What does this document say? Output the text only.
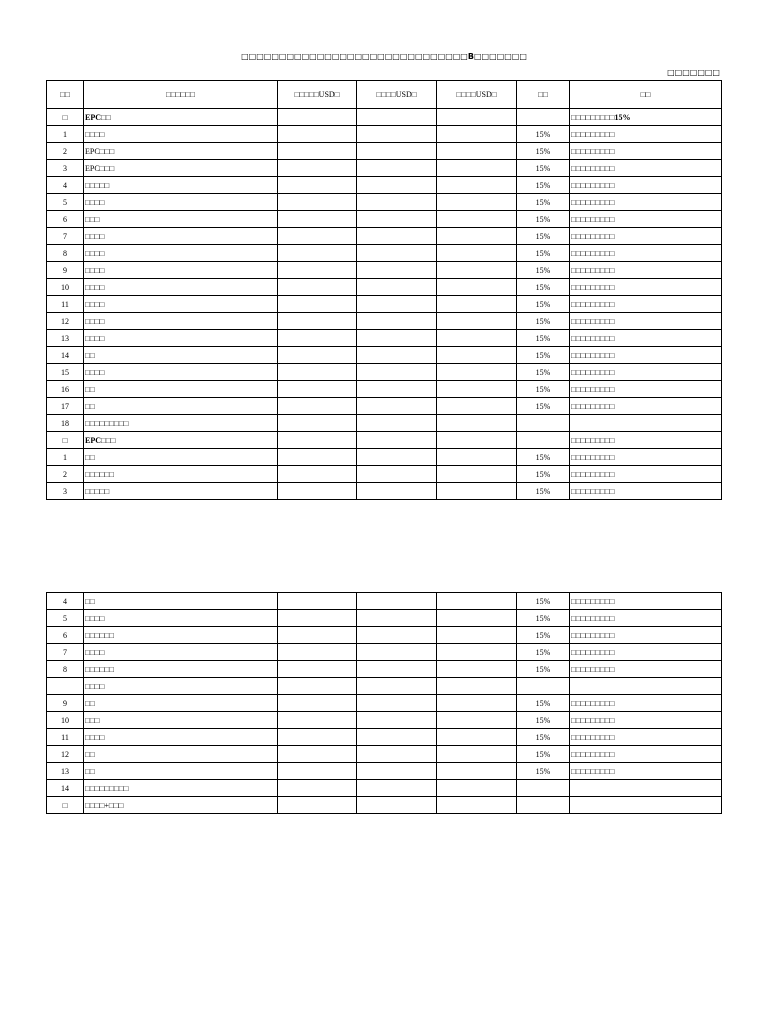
□□□□□□□□□□□□□□□□□□□□□□□□□□□□□□B□□□□□□□
□□□□□□□
□□	□□□□□□	□□□□□USD□	□□□□USD□	□□□□USD□	□□	□□
□	EPC□□					□□□□□□□□□15%
1	□□□□				15%	□□□□□□□□□
2	EPC□□□				15%	□□□□□□□□□
3	EPC□□□				15%	□□□□□□□□□
4	□□□□□				15%	□□□□□□□□□
5	□□□□				15%	□□□□□□□□□
6	□□□				15%	□□□□□□□□□
7	□□□□				15%	□□□□□□□□□
8	□□□□				15%	□□□□□□□□□
9	□□□□				15%	□□□□□□□□□
10	□□□□				15%	□□□□□□□□□
11	□□□□				15%	□□□□□□□□□
12	□□□□				15%	□□□□□□□□□
13	□□□□				15%	□□□□□□□□□
14	□□				15%	□□□□□□□□□
15	□□□□				15%	□□□□□□□□□
16	□□				15%	□□□□□□□□□
17	□□				15%	□□□□□□□□□
18	□□□□□□□□□					
□	EPC□□□					□□□□□□□□□
1	□□				15%	□□□□□□□□□
2	□□□□□□				15%	□□□□□□□□□
3	□□□□□				15%	□□□□□□□□□
4	□□				15%	□□□□□□□□□
5	□□□□				15%	□□□□□□□□□
6	□□□□□□				15%	□□□□□□□□□
7	□□□□				15%	□□□□□□□□□
8	□□□□□□				15%	□□□□□□□□□
	□□□□					
9	□□				15%	□□□□□□□□□
10	□□□				15%	□□□□□□□□□
11	□□□□				15%	□□□□□□□□□
12	□□				15%	□□□□□□□□□
13	□□				15%	□□□□□□□□□
14	□□□□□□□□□					
□	□□□□+□□□					
